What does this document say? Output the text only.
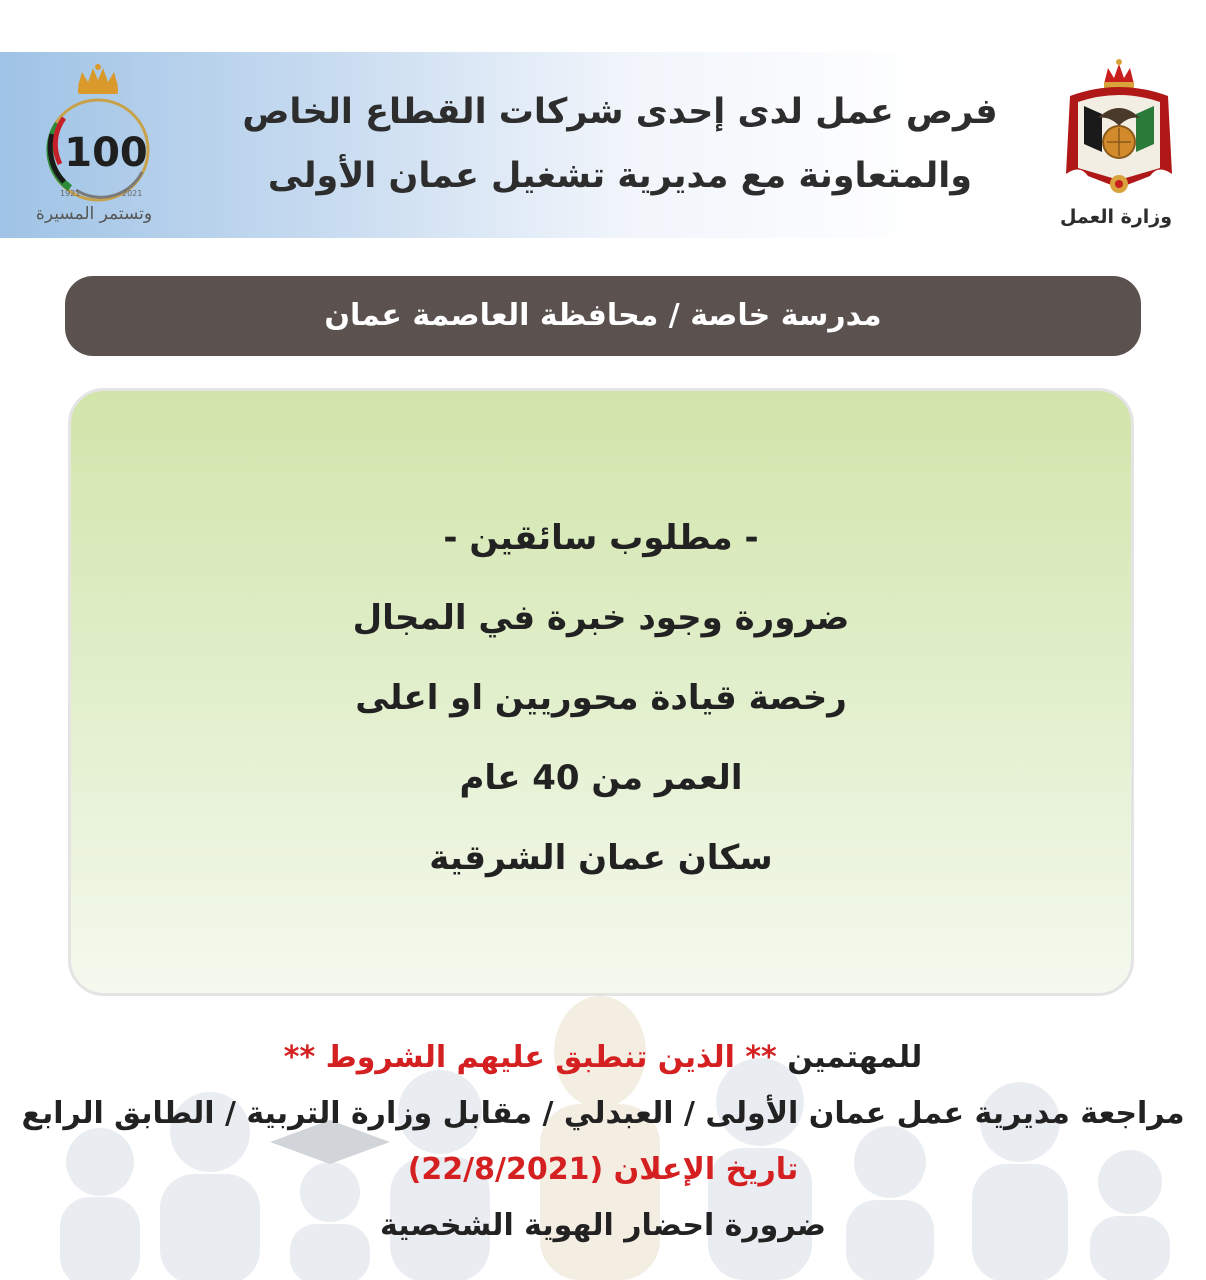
100
1921	2021
وتستمر المسيرة
فرص عمل لدى إحدى شركات القطاع الخاص
والمتعاونة مع مديرية تشغيل عمان الأولى
وزارة العمل
مدرسة خاصة / محافظة العاصمة عمان
- مطلوب سائقين -
ضرورة وجود خبرة في المجال
رخصة قيادة محوريين او اعلى
العمر من 40 عام
سكان عمان الشرقية
للمهتمين ** الذين تنطبق عليهم الشروط **
مراجعة مديرية عمل عمان الأولى / العبدلي / مقابل وزارة التربية / الطابق الرابع
تاريخ الإعلان (22/8/2021)
ضرورة احضار الهوية الشخصية
